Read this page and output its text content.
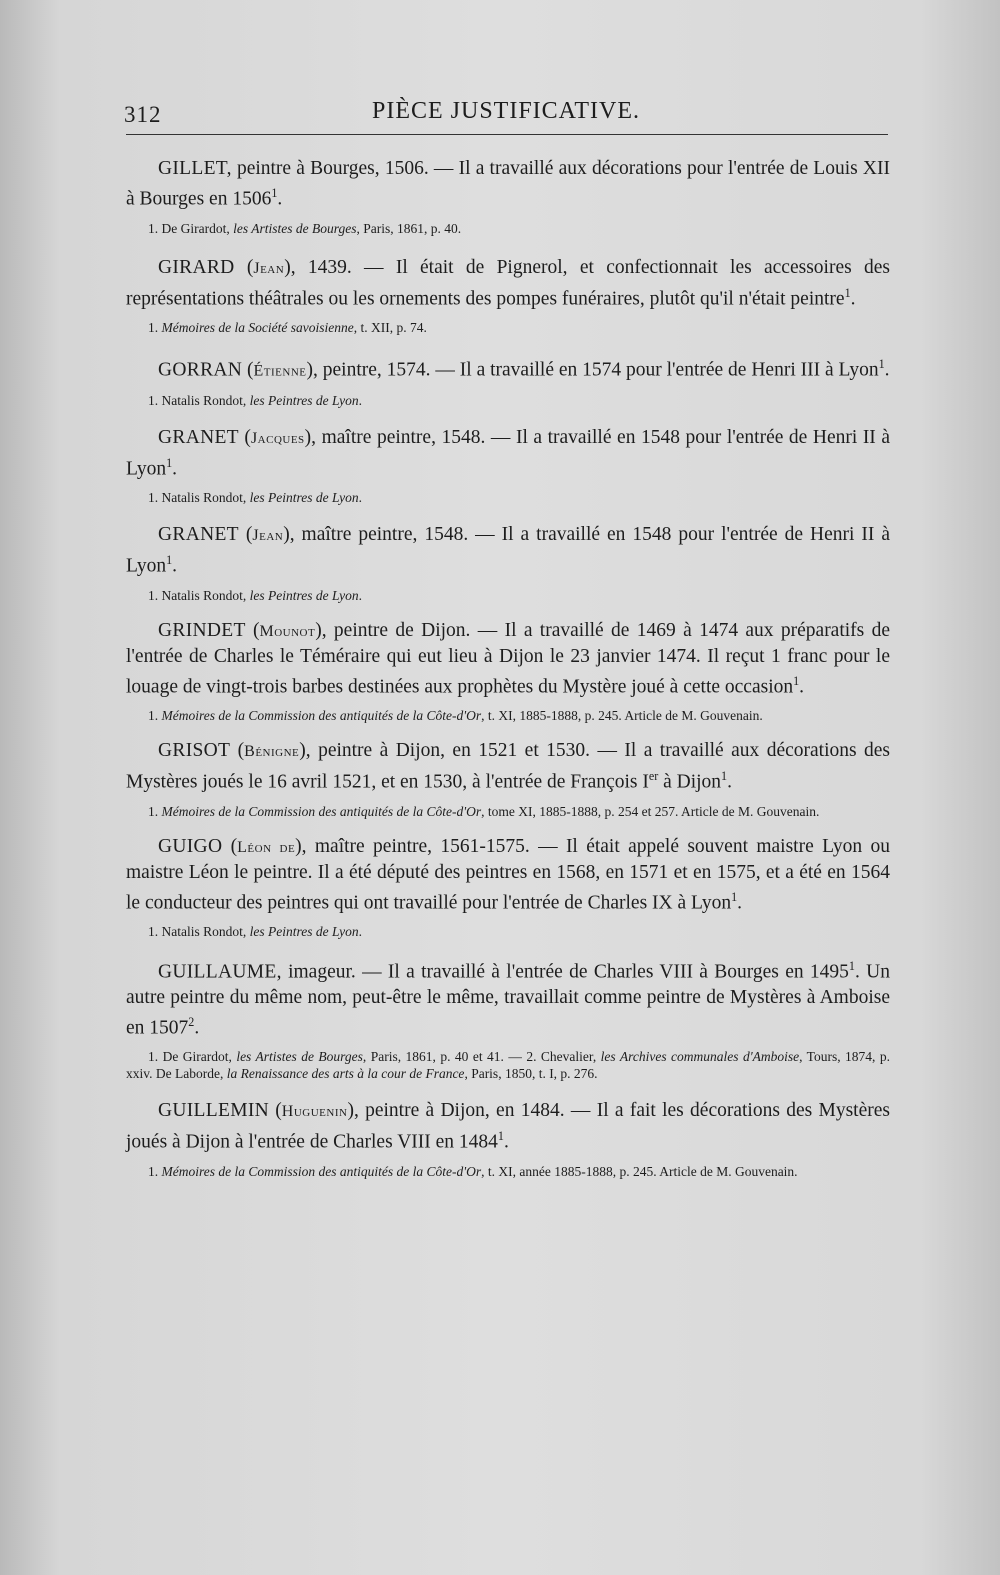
312	PIÈCE JUSTIFICATIVE.

GILLET, peintre à Bourges, 1506. — Il a travaillé aux décorations pour l'entrée de Louis XII à Bourges en 1506$^1$.

1. De Girardot, les Artistes de Bourges, Paris, 1861, p. 40.

GIRARD (Jean), 1439. — Il était de Pignerol, et confectionnait les accessoires des représentations théâtrales ou les ornements des pompes funéraires, plutôt qu'il n'était peintre$^1$.

1. Mémoires de la Société savoisienne, t. XII, p. 74.

GORRAN (Étienne), peintre, 1574. — Il a travaillé en 1574 pour l'entrée de Henri III à Lyon$^1$.

1. Natalis Rondot, les Peintres de Lyon.

GRANET (Jacques), maître peintre, 1548. — Il a travaillé en 1548 pour l'entrée de Henri II à Lyon$^1$.

1. Natalis Rondot, les Peintres de Lyon.

GRANET (Jean), maître peintre, 1548. — Il a travaillé en 1548 pour l'entrée de Henri II à Lyon$^1$.

1. Natalis Rondot, les Peintres de Lyon.

GRINDET (Mounot), peintre de Dijon. — Il a travaillé de 1469 à 1474 aux préparatifs de l'entrée de Charles le Téméraire qui eut lieu à Dijon le 23 janvier 1474. Il reçut 1 franc pour le louage de vingt-trois barbes destinées aux prophètes du Mystère joué à cette occasion$^1$.

1. Mémoires de la Commission des antiquités de la Côte-d'Or, t. XI, 1885-1888, p. 245. Article de M. Gouvenain.

GRISOT (Bénigne), peintre à Dijon, en 1521 et 1530. — Il a travaillé aux décorations des Mystères joués le 16 avril 1521, et en 1530, à l'entrée de François Ier à Dijon$^1$.

1. Mémoires de la Commission des antiquités de la Côte-d'Or, tome XI, 1885-1888, p. 254 et 257. Article de M. Gouvenain.

GUIGO (Léon de), maître peintre, 1561-1575. — Il était appelé souvent maistre Lyon ou maistre Léon le peintre. Il a été député des peintres en 1568, en 1571 et en 1575, et a été en 1564 le conducteur des peintres qui ont travaillé pour l'entrée de Charles IX à Lyon$^1$.

1. Natalis Rondot, les Peintres de Lyon.

GUILLAUME, imageur. — Il a travaillé à l'entrée de Charles VIII à Bourges en 1495$^1$. Un autre peintre du même nom, peut-être le même, travaillait comme peintre de Mystères à Amboise en 1507$^2$.

1. De Girardot, les Artistes de Bourges, Paris, 1861, p. 40 et 41. — 2. Chevalier, les Archives communales d'Amboise, Tours, 1874, p. xxiv. De Laborde, la Renaissance des arts à la cour de France, Paris, 1850, t. I, p. 276.

GUILLEMIN (Huguenin), peintre à Dijon, en 1484. — Il a fait les décorations des Mystères joués à Dijon à l'entrée de Charles VIII en 1484$^1$.

1. Mémoires de la Commission des antiquités de la Côte-d'Or, t. XI, année 1885-1888, p. 245. Article de M. Gouvenain.
